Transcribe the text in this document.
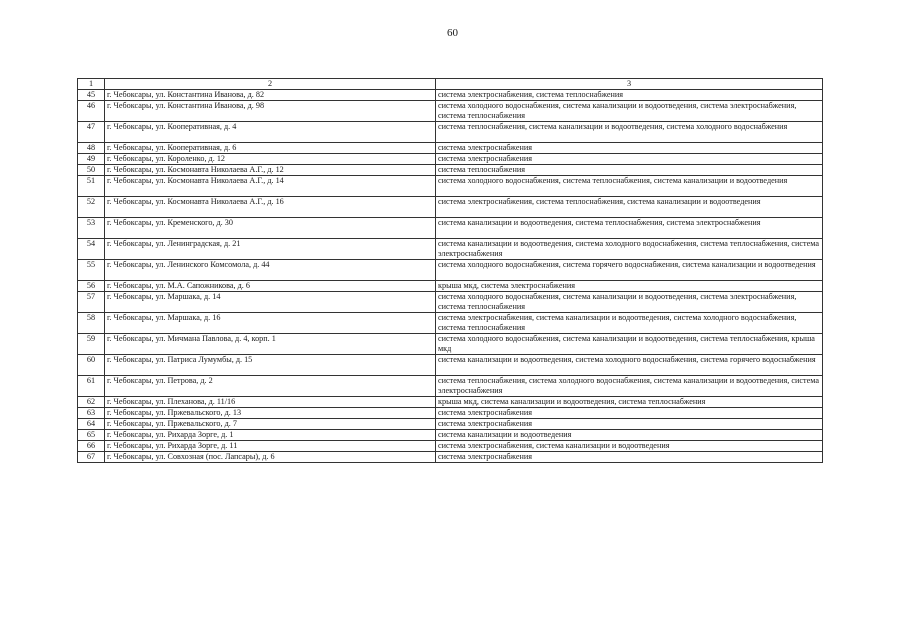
60
1	2	3
45	г. Чебоксары, ул. Константина Иванова, д. 82	система электроснабжения, система теплоснабжения
46	г. Чебоксары, ул. Константина Иванова, д. 98	система холодного водоснабжения, система канализации и водоотведения, система электроснабжения, система теплоснабжения
47	г. Чебоксары, ул. Кооперативная, д. 4	система теплоснабжения, система канализации и водоотведения, система холодного водоснабжения
48	г. Чебоксары, ул. Кооперативная, д. 6	система электроснабжения
49	г. Чебоксары, ул. Короленко, д. 12	система электроснабжения
50	г. Чебоксары, ул. Космонавта Николаева А.Г., д. 12	система теплоснабжения
51	г. Чебоксары, ул. Космонавта Николаева А.Г., д. 14	система холодного водоснабжения, система теплоснабжения, система канализации и водоотведения
52	г. Чебоксары, ул. Космонавта Николаева А.Г., д. 16	система электроснабжения, система теплоснабжения, система канализации и водоотведения
53	г. Чебоксары, ул. Кременского, д. 30	система канализации и водоотведения, система теплоснабжения, система электроснабжения
54	г. Чебоксары, ул. Ленинградская, д. 21	система канализации и водоотведения, система холодного водоснабжения, система теплоснабжения, система электроснабжения
55	г. Чебоксары, ул. Ленинского Комсомола, д. 44	система холодного водоснабжения, система горячего водоснабжения, система канализации и водоотведения
56	г. Чебоксары, ул. М.А. Сапожникова, д. 6	крыша мкд, система электроснабжения
57	г. Чебоксары, ул. Маршака, д. 14	система холодного водоснабжения, система канализации и водоотведения, система электроснабжения, система теплоснабжения
58	г. Чебоксары, ул. Маршака, д. 16	система электроснабжения, система канализации и водоотведения, система холодного водоснабжения, система теплоснабжения
59	г. Чебоксары, ул. Мичмана Павлова, д. 4, корп. 1	система холодного водоснабжения, система канализации и водоотведения, система теплоснабжения, крыша мкд
60	г. Чебоксары, ул. Патриса Лумумбы, д. 15	система канализации и водоотведения, система холодного водоснабжения, система горячего водоснабжения
61	г. Чебоксары, ул. Петрова, д. 2	система теплоснабжения, система холодного водоснабжения, система канализации и водоотведения, система электроснабжения
62	г. Чебоксары, ул. Плеханова, д. 11/16	крыша мкд, система канализации и водоотведения, система теплоснабжения
63	г. Чебоксары, ул. Пржевальского, д. 13	система электроснабжения
64	г. Чебоксары, ул. Пржевальского, д. 7	система электроснабжения
65	г. Чебоксары, ул. Рихарда Зорге, д. 1	система канализации и водоотведения
66	г. Чебоксары, ул. Рихарда Зорге, д. 11	система электроснабжения, система канализации и водоотведения
67	г. Чебоксары, ул. Совхозная (пос. Лапсары), д. 6	система электроснабжения
